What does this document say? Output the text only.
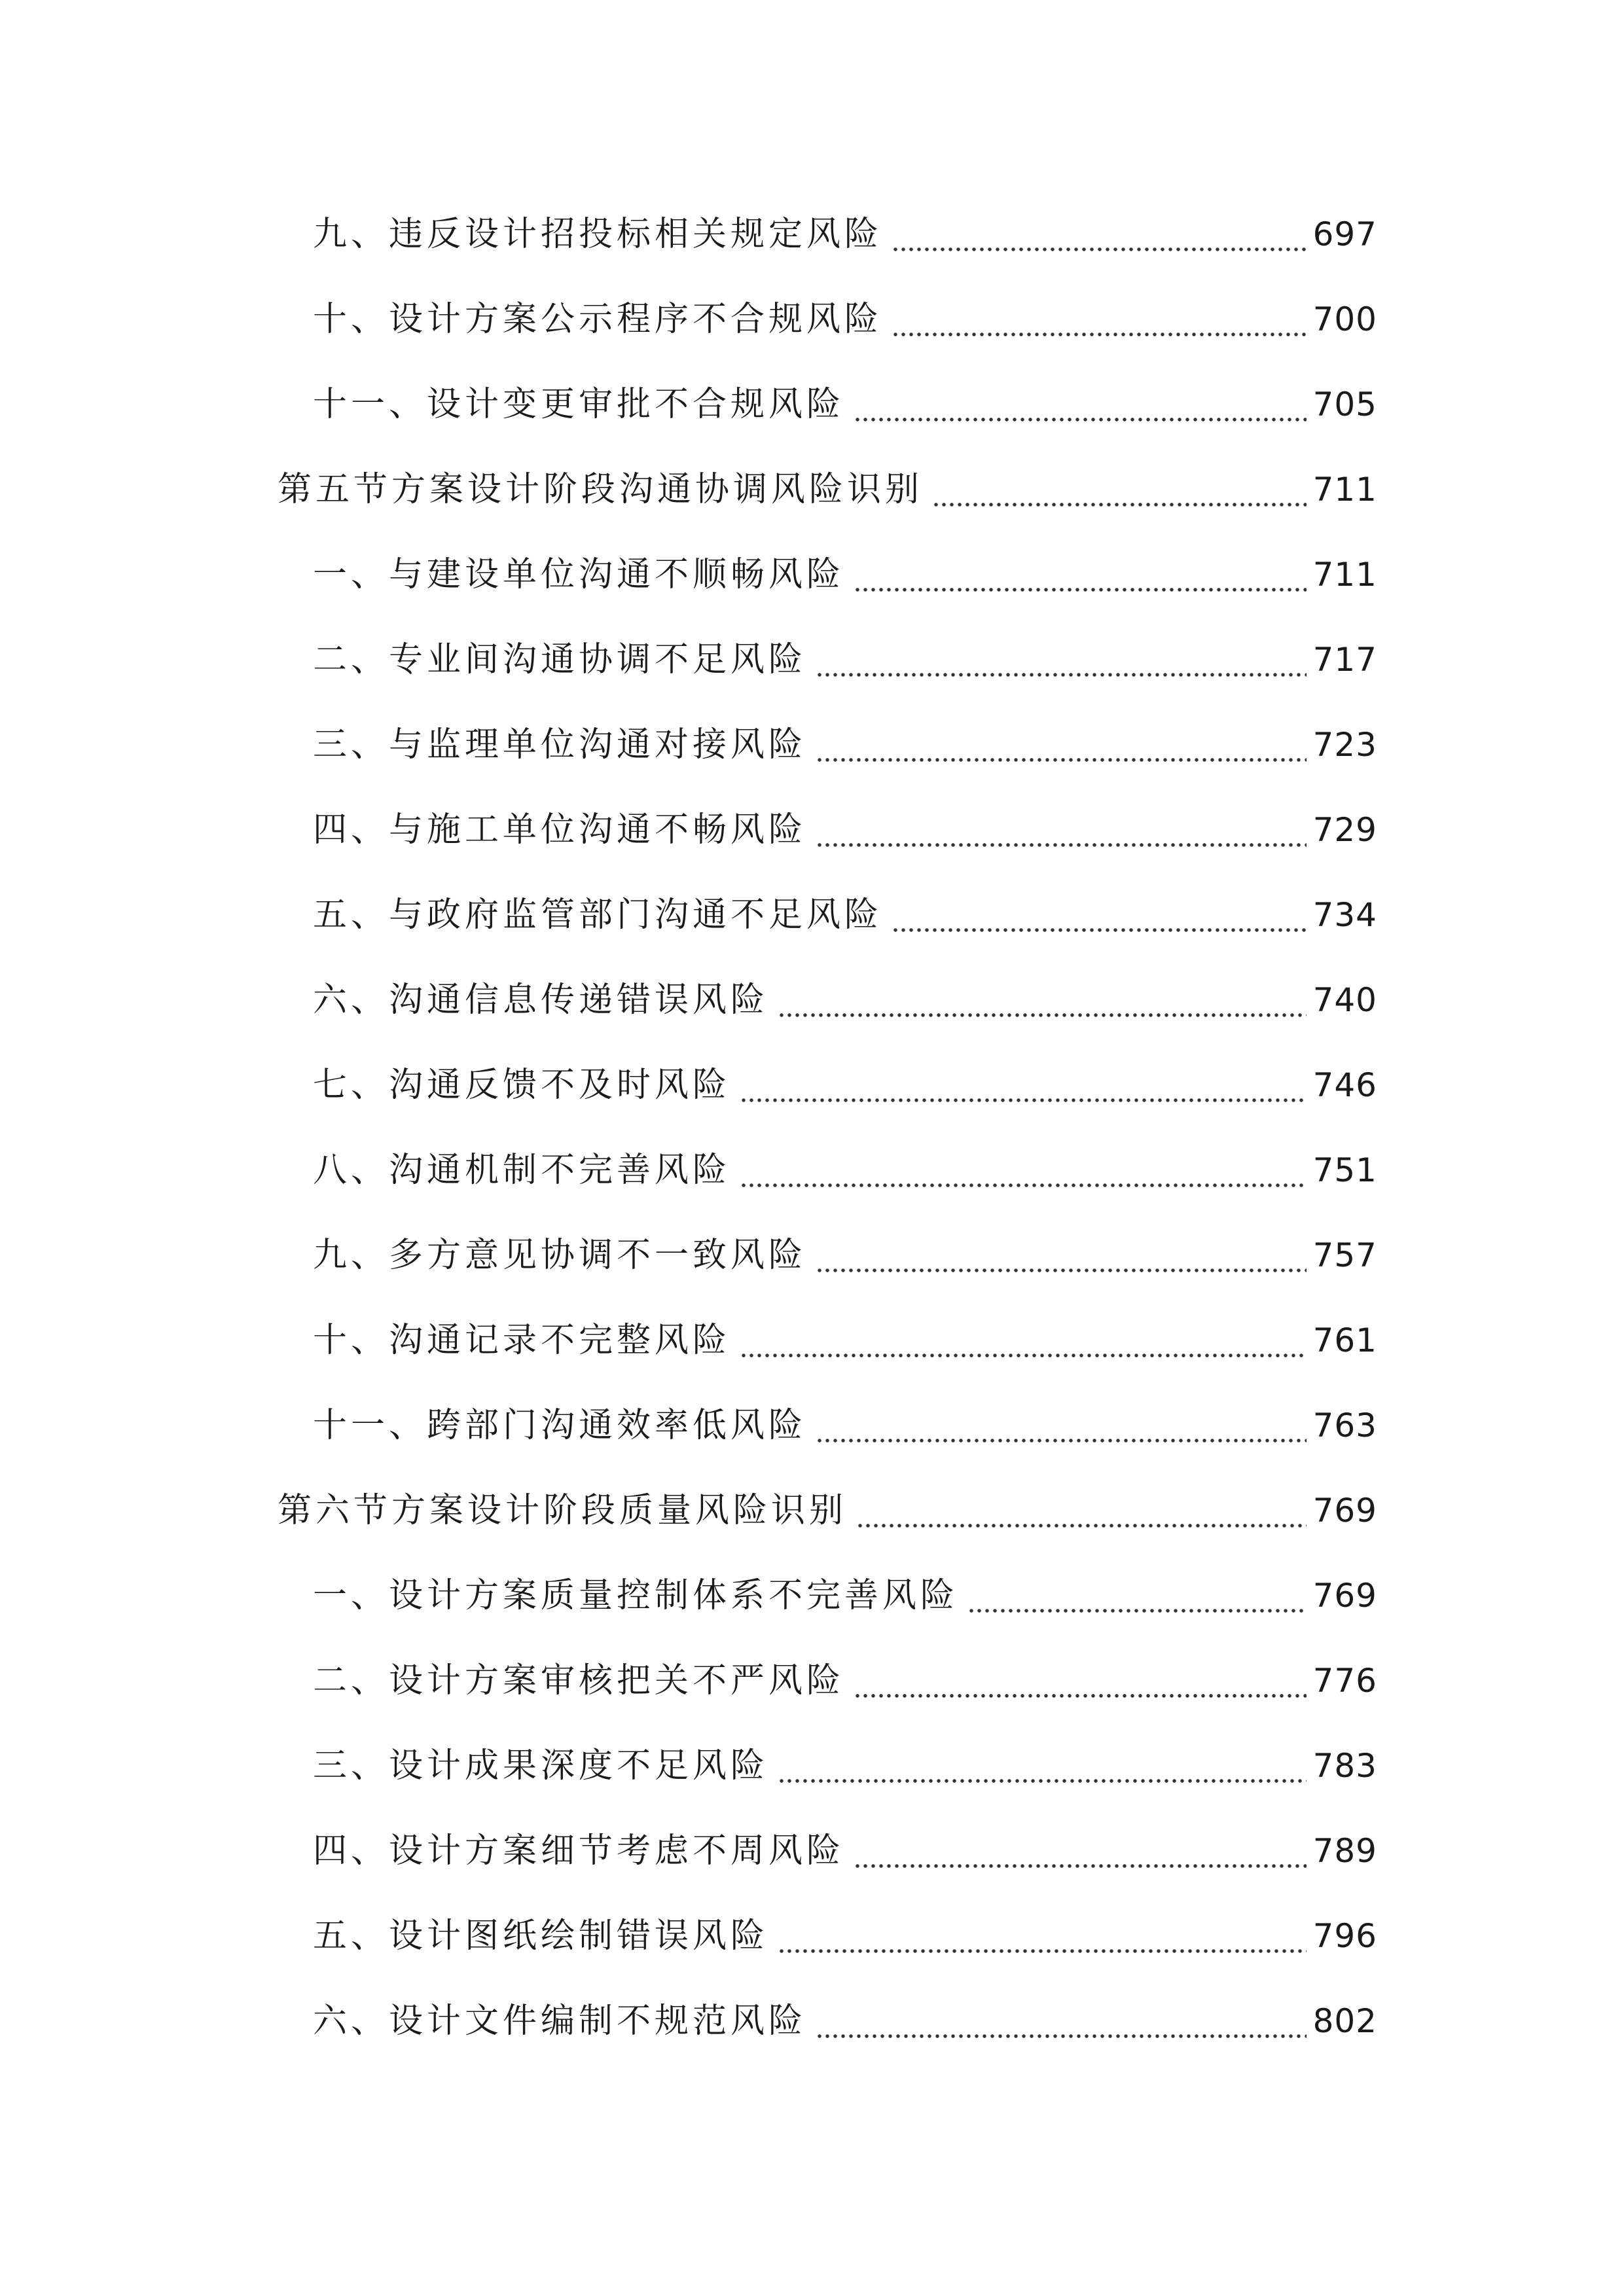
九、违反设计招投标相关规定风险	697
十、设计方案公示程序不合规风险	700
十一、设计变更审批不合规风险	705
第五节方案设计阶段沟通协调风险识别	711
一、与建设单位沟通不顺畅风险	711
二、专业间沟通协调不足风险	717
三、与监理单位沟通对接风险	723
四、与施工单位沟通不畅风险	729
五、与政府监管部门沟通不足风险	734
六、沟通信息传递错误风险	740
七、沟通反馈不及时风险	746
八、沟通机制不完善风险	751
九、多方意见协调不一致风险	757
十、沟通记录不完整风险	761
十一、跨部门沟通效率低风险	763
第六节方案设计阶段质量风险识别	769
一、设计方案质量控制体系不完善风险	769
二、设计方案审核把关不严风险	776
三、设计成果深度不足风险	783
四、设计方案细节考虑不周风险	789
五、设计图纸绘制错误风险	796
六、设计文件编制不规范风险	802
